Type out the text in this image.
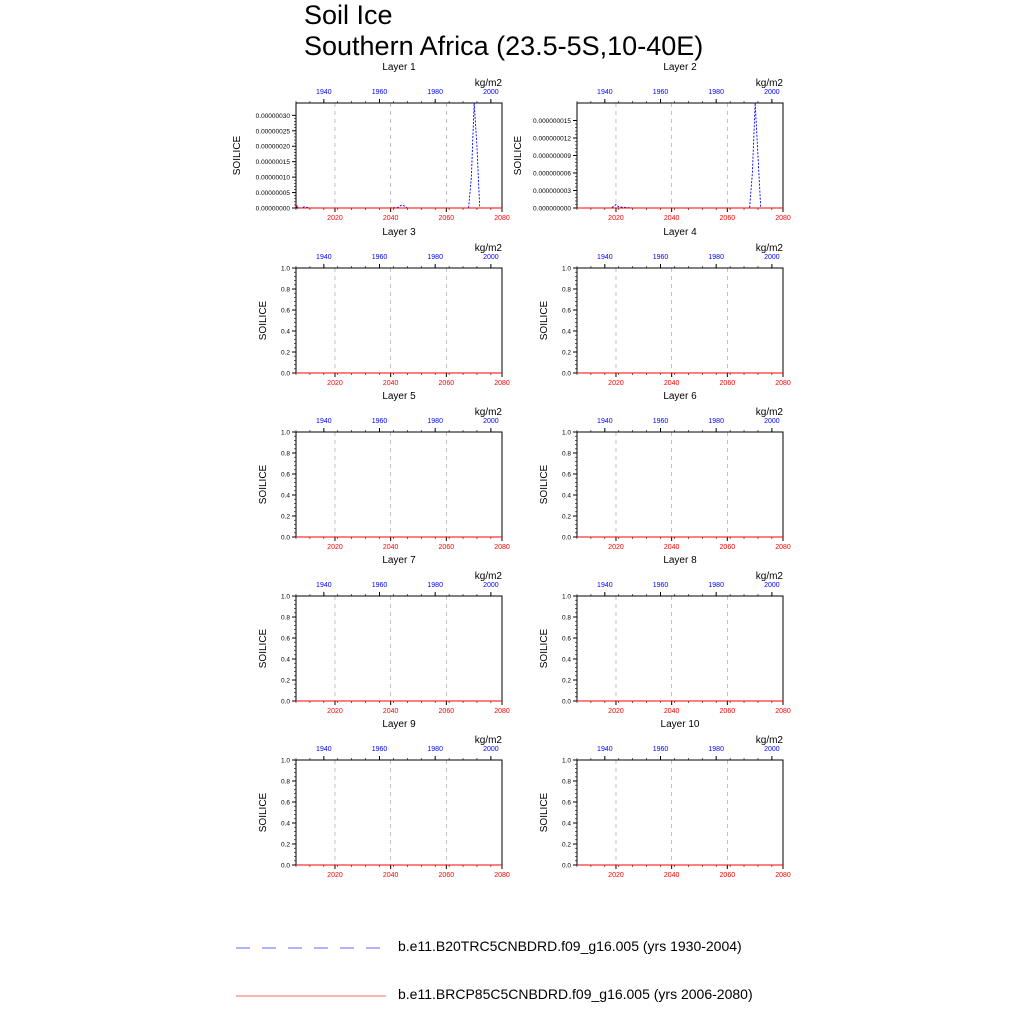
Soil Ice
Southern Africa (23.5-5S,10-40E)
Layer 1
kg/m2
2020	2040	2060	2080
1940	1960	1980	2000
0.00000000
0.00000005
0.00000010
0.00000015
0.00000020
0.00000025
0.00000030
SOILICE
Layer 2
kg/m2
2020	2040	2060	2080
1940	1960	1980	2000
0.000000000
0.000000003
0.000000006
0.000000009
0.000000012
0.000000015
SOILICE
Layer 3
kg/m2
2020	2040	2060	2080
1940	1960	1980	2000
0.0
0.2
0.4
0.6
0.8
1.0
SOILICE
Layer 4
kg/m2
2020	2040	2060	2080
1940	1960	1980	2000
0.0
0.2
0.4
0.6
0.8
1.0
SOILICE
Layer 5
kg/m2
2020	2040	2060	2080
1940	1960	1980	2000
0.0
0.2
0.4
0.6
0.8
1.0
SOILICE
Layer 6
kg/m2
2020	2040	2060	2080
1940	1960	1980	2000
0.0
0.2
0.4
0.6
0.8
1.0
SOILICE
Layer 7
kg/m2
2020	2040	2060	2080
1940	1960	1980	2000
0.0
0.2
0.4
0.6
0.8
1.0
SOILICE
Layer 8
kg/m2
2020	2040	2060	2080
1940	1960	1980	2000
0.0
0.2
0.4
0.6
0.8
1.0
SOILICE
Layer 9
kg/m2
2020	2040	2060	2080
1940	1960	1980	2000
0.0
0.2
0.4
0.6
0.8
1.0
SOILICE
Layer 10
kg/m2
2020	2040	2060	2080
1940	1960	1980	2000
0.0
0.2
0.4
0.6
0.8
1.0
SOILICE
b.e11.B20TRC5CNBDRD.f09_g16.005 (yrs 1930-2004)
b.e11.BRCP85C5CNBDRD.f09_g16.005 (yrs 2006-2080)
